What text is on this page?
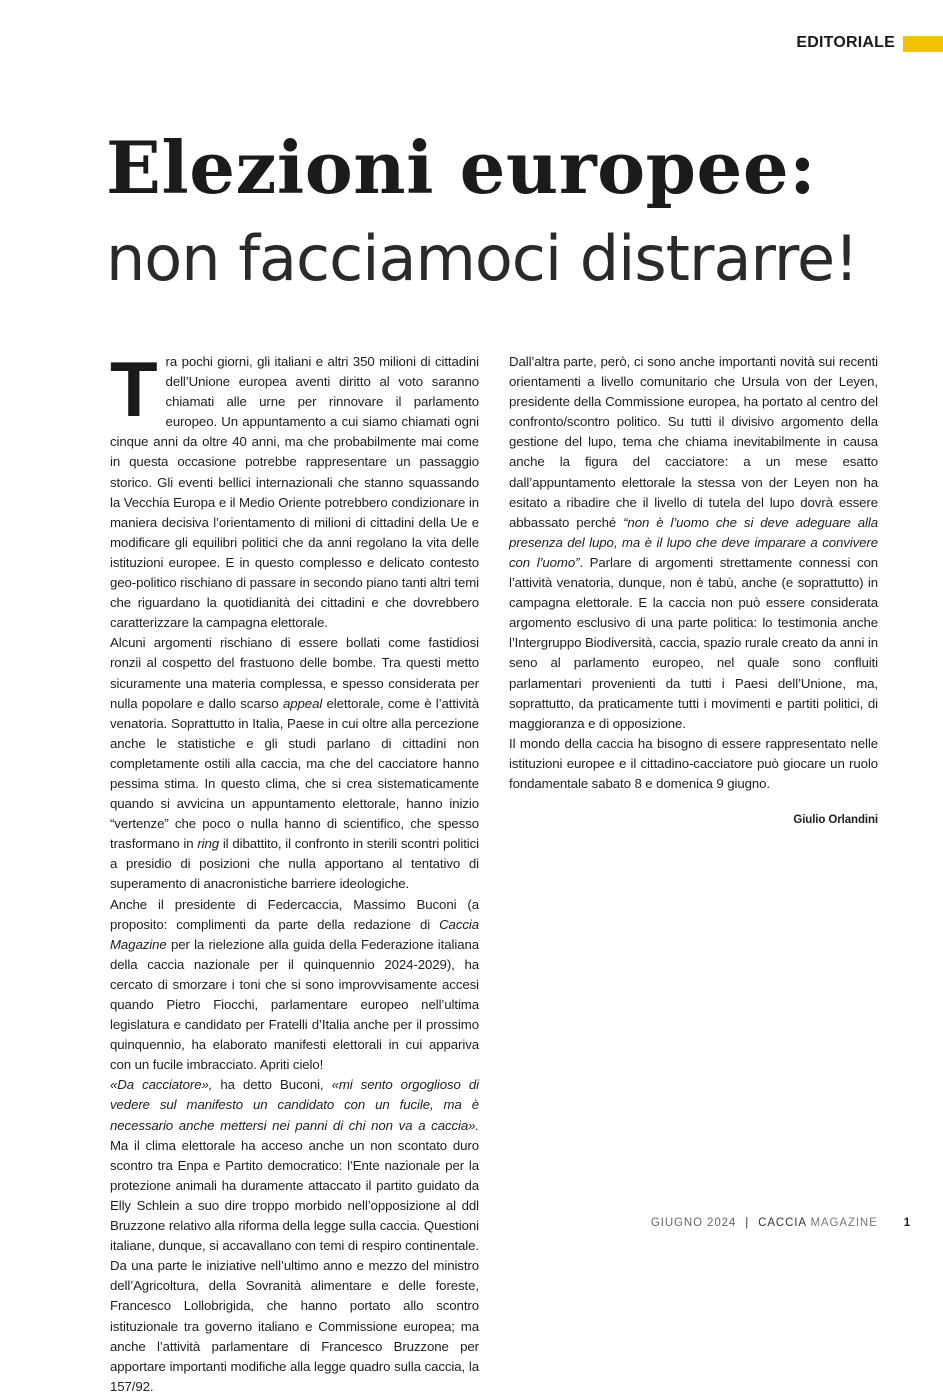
EDITORIALE
Elezioni europee:
non facciamoci distrarre!

Tra pochi giorni, gli italiani e altri 350 milioni di cittadini dell’Unione europea aventi diritto al voto saranno chiamati alle urne per rinnovare il parlamento europeo. Un appuntamento a cui siamo chiamati ogni cinque anni da oltre 40 anni, ma che probabilmente mai come in questa occasione potrebbe rappresentare un passaggio storico. Gli eventi bellici internazionali che stanno squassando la Vecchia Europa e il Medio Oriente potrebbero condizionare in maniera decisiva l’orientamento di milioni di cittadini della Ue e modificare gli equilibri politici che da anni regolano la vita delle istituzioni europee. E in questo complesso e delicato contesto geo-politico rischiano di passare in secondo piano tanti altri temi che riguardano la quotidianità dei cittadini e che dovrebbero caratterizzare la campagna elettorale.

Alcuni argomenti rischiano di essere bollati come fastidiosi ronzii al cospetto del frastuono delle bombe. Tra questi metto sicuramente una materia complessa, e spesso considerata per nulla popolare e dallo scarso appeal elettorale, come è l’attività venatoria. Soprattutto in Italia, Paese in cui oltre alla percezione anche le statistiche e gli studi parlano di cittadini non completamente ostili alla caccia, ma che del cacciatore hanno pessima stima. In questo clima, che si crea sistematicamente quando si avvicina un appuntamento elettorale, hanno inizio “vertenze” che poco o nulla hanno di scientifico, che spesso trasformano in ring il dibattito, il confronto in sterili scontri politici a presidio di posizioni che nulla apportano al tentativo di superamento di anacronistiche barriere ideologiche.

Anche il presidente di Federcaccia, Massimo Buconi (a proposito: complimenti da parte della redazione di Caccia Magazine per la rielezione alla guida della Federazione italiana della caccia nazionale per il quinquennio 2024-2029), ha cercato di smorzare i toni che si sono improvvisamente accesi quando Pietro Fiocchi, parlamentare europeo nell’ultima legislatura e candidato per Fratelli d’Italia anche per il prossimo quinquennio, ha elaborato manifesti elettorali in cui appariva con un fucile imbracciato. Apriti cielo!

«Da cacciatore», ha detto Buconi, «mi sento orgoglioso di vedere sul manifesto un candidato con un fucile, ma è necessario anche mettersi nei panni di chi non va a caccia». Ma il clima elettorale ha acceso anche un non scontato duro scontro tra Enpa e Partito democratico: l’Ente nazionale per la protezione animali ha duramente attaccato il partito guidato da Elly Schlein a suo dire troppo morbido nell’opposizione al ddl Bruzzone relativo alla riforma della legge sulla caccia. Questioni italiane, dunque, si accavallano con temi di respiro continentale. Da una parte le iniziative nell’ultimo anno e mezzo del ministro dell’Agricoltura, della Sovranità alimentare e delle foreste, Francesco Lollobrigida, che hanno portato allo scontro istituzionale tra governo italiano e Commissione europea; ma anche l’attività parlamentare di Francesco Bruzzone per apportare importanti modifiche alla legge quadro sulla caccia, la 157/92.

Dall’altra parte, però, ci sono anche importanti novità sui recenti orientamenti a livello comunitario che Ursula von der Leyen, presidente della Commissione europea, ha portato al centro del confronto/scontro politico. Su tutti il divisivo argomento della gestione del lupo, tema che chiama inevitabilmente in causa anche la figura del cacciatore: a un mese esatto dall’appuntamento elettorale la stessa von der Leyen non ha esitato a ribadire che il livello di tutela del lupo dovrà essere abbassato perché “non è l’uomo che si deve adeguare alla presenza del lupo, ma è il lupo che deve imparare a convivere con l’uomo”. Parlare di argomenti strettamente connessi con l’attività venatoria, dunque, non è tabù, anche (e soprattutto) in campagna elettorale. E la caccia non può essere considerata argomento esclusivo di una parte politica: lo testimonia anche l’Intergruppo Biodiversità, caccia, spazio rurale creato da anni in seno al parlamento europeo, nel quale sono confluiti parlamentari provenienti da tutti i Paesi dell’Unione, ma, soprattutto, da praticamente tutti i movimenti e partiti politici, di maggioranza e di opposizione.

Il mondo della caccia ha bisogno di essere rappresentato nelle istituzioni europee e il cittadino-cacciatore può giocare un ruolo fondamentale sabato 8 e domenica 9 giugno.

Giulio Orlandini

GIUGNO 2024 | CACCIA MAGAZINE 1
